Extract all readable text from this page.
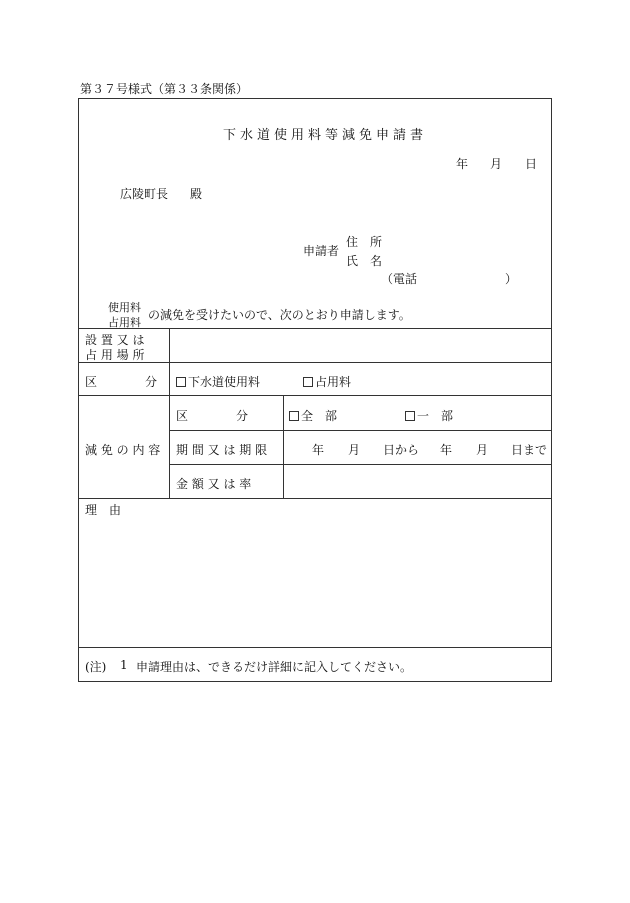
第３７号様式（第３３条関係）
下水道使用料等減免申請書
年 月 日
広陵町長 殿
申請者
住　所
氏　名
（電話	）
使用料
占用料
の減免を受けたいので、次のとおり申請します。
設 置 又 は
占 用 場 所
区　　　　分	下水道使用料	占用料
減 免 の 内 容
区　　　　分	全　部	一　部
期 間 又 は 期 限	年 月 日から 年 月 日まで
金 額 又 は 率
理　由
(注) 1 申請理由は、できるだけ詳細に記入してください。
